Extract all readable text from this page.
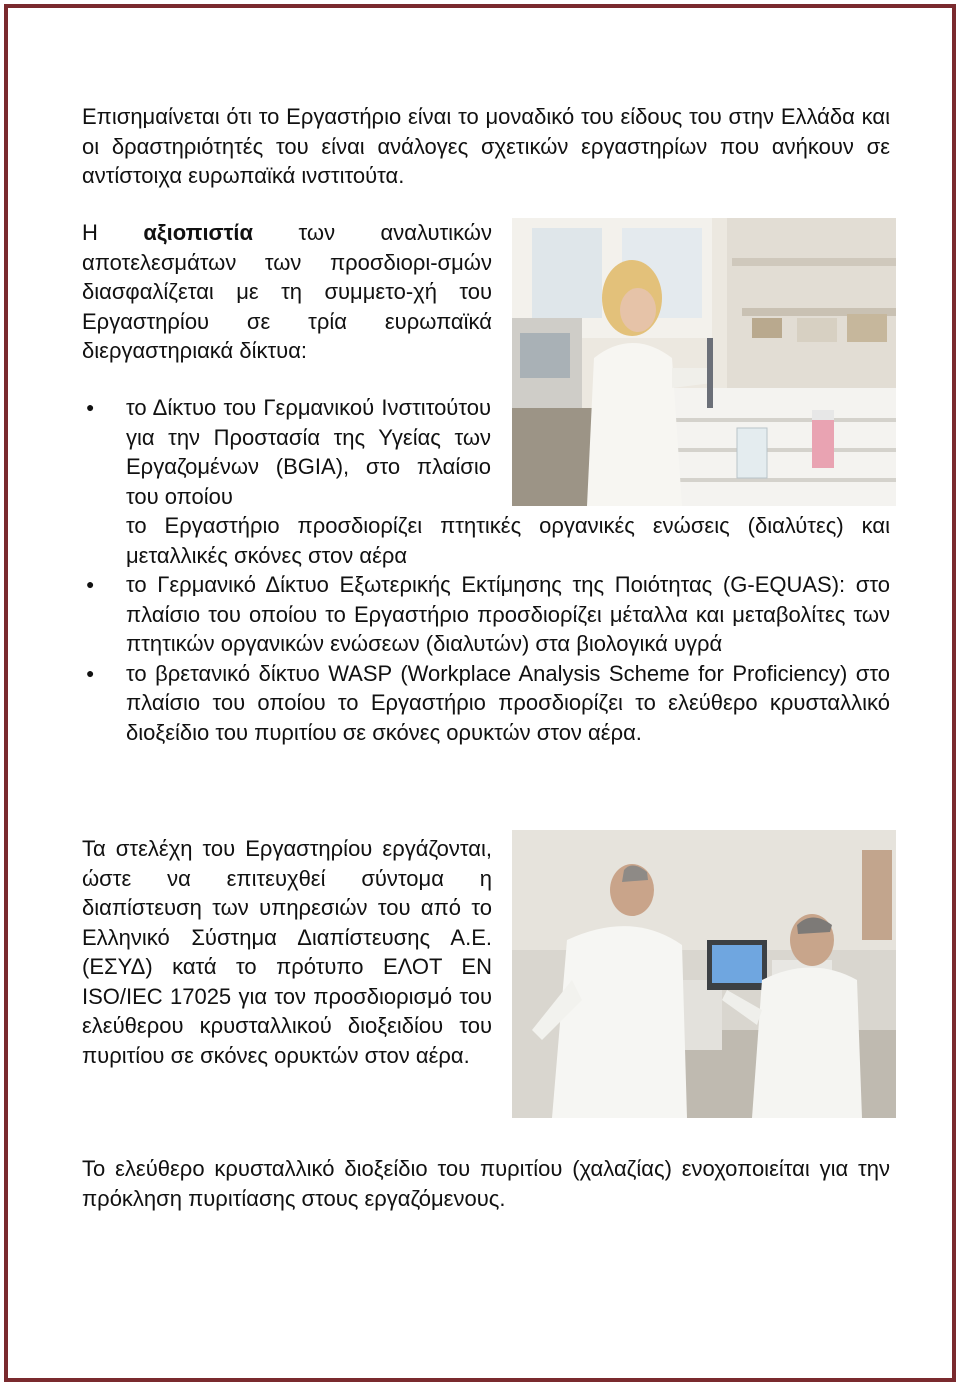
Επισημαίνεται ότι το Εργαστήριο είναι το μοναδικό του είδους του στην Ελλάδα και οι δραστηριότητές του είναι ανάλογες σχετικών εργαστηρίων που ανήκουν σε αντίστοιχα ευρωπαϊκά ινστιτούτα.

Η αξιοπιστία των αναλυτικών αποτελεσμάτων των προσδιορι-σμών διασφαλίζεται με τη συμμετο-χή του Εργαστηρίου σε τρία ευρωπαϊκά διεργαστηριακά δίκτυα:

● το Δίκτυο του Γερμανικού Ινστιτούτου για την Προστασία της Υγείας των Εργαζομένων (BGIA), στο πλαίσιο του οποίου
το Εργαστήριο προσδιορίζει πτητικές οργανικές ενώσεις (διαλύτες) και μεταλλικές σκόνες στον αέρα
● το Γερμανικό Δίκτυο Εξωτερικής Εκτίμησης της Ποιότητας (G-EQUAS): στο πλαίσιο του οποίου το Εργαστήριο προσδιορίζει μέταλλα και μεταβολίτες των πτητικών οργανικών ενώσεων (διαλυτών) στα βιολογικά υγρά
● το βρετανικό δίκτυο WASP (Workplace Analysis Scheme for Proficiency) στο πλαίσιο του οποίου το Εργαστήριο προσδιορίζει το ελεύθερο κρυσταλλικό διοξείδιο του πυριτίου σε σκόνες ορυκτών στον αέρα.

Τα στελέχη του Εργαστηρίου εργάζονται, ώστε να επιτευχθεί σύντομα η διαπίστευση των υπηρεσιών του από το Ελληνικό Σύστημα Διαπίστευσης Α.Ε. (ΕΣΥΔ) κατά το πρότυπο ΕΛΟΤ ΕΝ ISO/IEC 17025 για τον προσδιορισμό του ελεύθερου κρυσταλλικού διοξειδίου του πυριτίου σε σκόνες ορυκτών στον αέρα.

Το ελεύθερο κρυσταλλικό διοξείδιο του πυριτίου (χαλαζίας) ενοχοποιείται για την πρόκληση πυριτίασης στους εργαζόμενους.
